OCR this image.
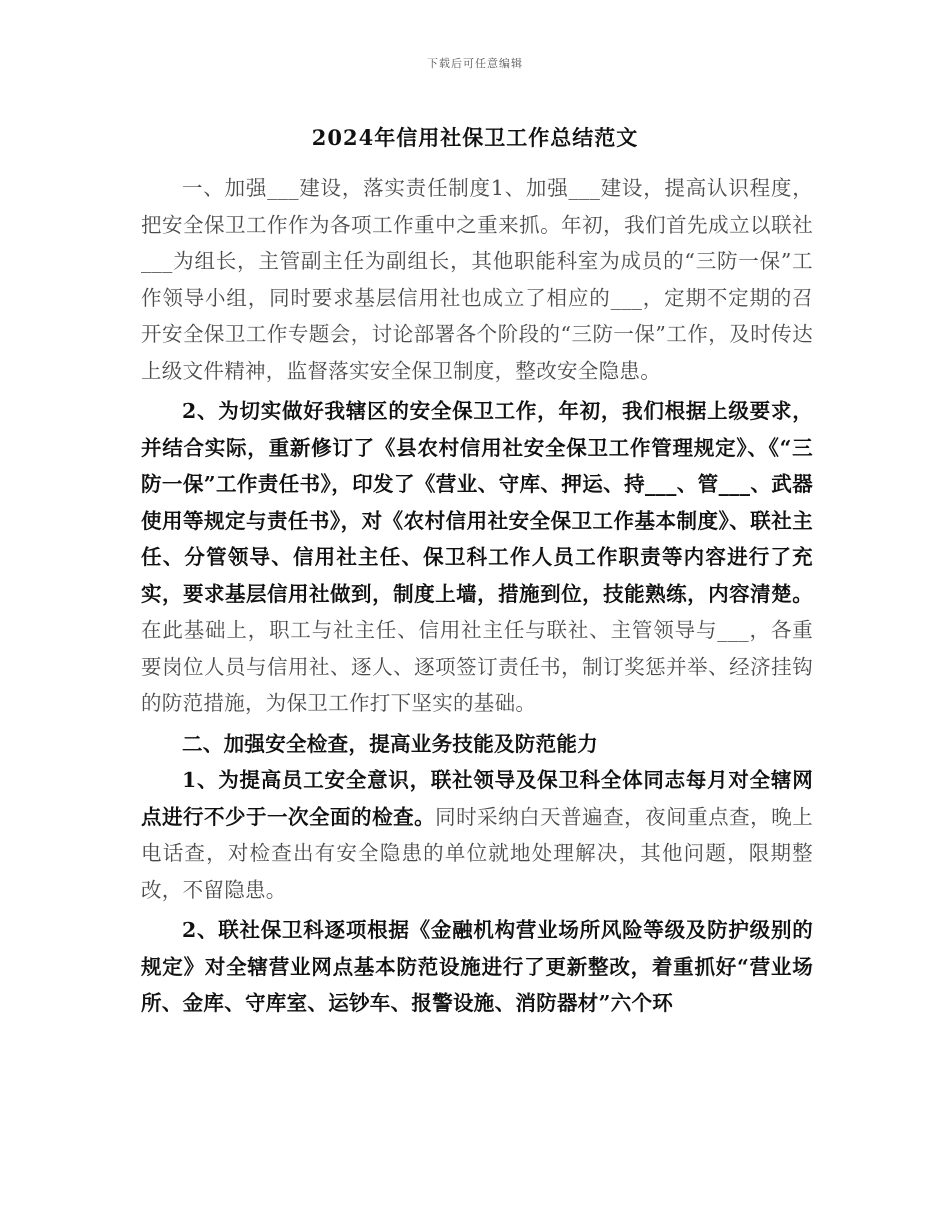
下载后可任意编辑
2024年信用社保卫工作总结范文

一、加强___建设，落实责任制度1、加强___建设，提高认识程度，把安全保卫工作作为各项工作重中之重来抓。年初，我们首先成立以联社___为组长，主管副主任为副组长，其他职能科室为成员的“三防一保”工作领导小组，同时要求基层信用社也成立了相应的___，定期不定期的召开安全保卫工作专题会，讨论部署各个阶段的“三防一保”工作，及时传达上级文件精神，监督落实安全保卫制度，整改安全隐患。

2、为切实做好我辖区的安全保卫工作，年初，我们根据上级要求，并结合实际，重新修订了《县农村信用社安全保卫工作管理规定》、《“三防一保”工作责任书》，印发了《营业、守库、押运、持___、管___、武器使用等规定与责任书》，对《农村信用社安全保卫工作基本制度》、联社主任、分管领导、信用社主任、保卫科工作人员工作职责等内容进行了充实，要求基层信用社做到，制度上墙，措施到位，技能熟练，内容清楚。在此基础上，职工与社主任、信用社主任与联社、主管领导与___，各重要岗位人员与信用社、逐人、逐项签订责任书，制订奖惩并举、经济挂钩的防范措施，为保卫工作打下坚实的基础。

二、加强安全检查，提高业务技能及防范能力

1、为提高员工安全意识，联社领导及保卫科全体同志每月对全辖网点进行不少于一次全面的检查。同时采纳白天普遍查，夜间重点查，晚上电话查，对检查出有安全隐患的单位就地处理解决，其他问题，限期整改，不留隐患。

2、联社保卫科逐项根据《金融机构营业场所风险等级及防护级别的规定》对全辖营业网点基本防范设施进行了更新整改，着重抓好“营业场所、金库、守库室、运钞车、报警设施、消防器材”六个环
